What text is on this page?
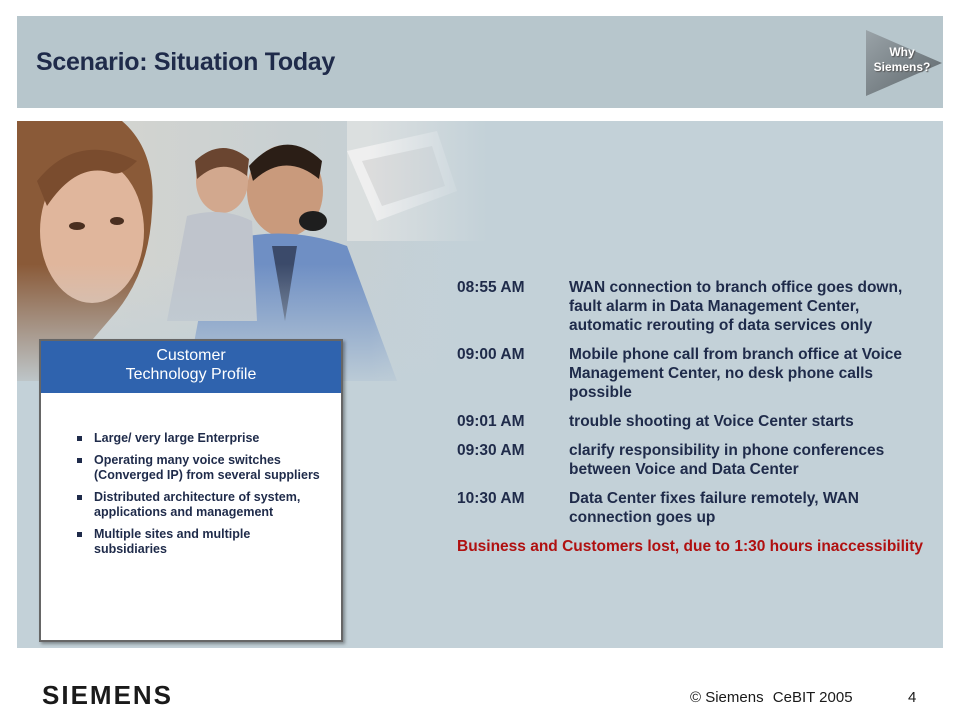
Scenario: Situation Today	Why
Siemens?
Customer
Technology Profile
Large/ very large Enterprise
Operating many voice switches (Converged IP) from several suppliers
Distributed architecture of system, applications and management
Multiple sites and multiple subsidiaries
08:55 AM	WAN connection to branch office goes down, fault alarm in Data Management Center, automatic rerouting of data services only
09:00 AM	Mobile phone call from branch office at Voice Management Center, no desk phone calls possible
09:01 AM	trouble shooting at Voice Center starts
09:30 AM	clarify responsibility in phone conferences between Voice and Data Center
10:30 AM	Data Center fixes failure remotely, WAN connection goes up
Business and Customers lost, due to 1:30 hours inaccessibility
SIEMENS	© Siemens CeBIT 2005	4
